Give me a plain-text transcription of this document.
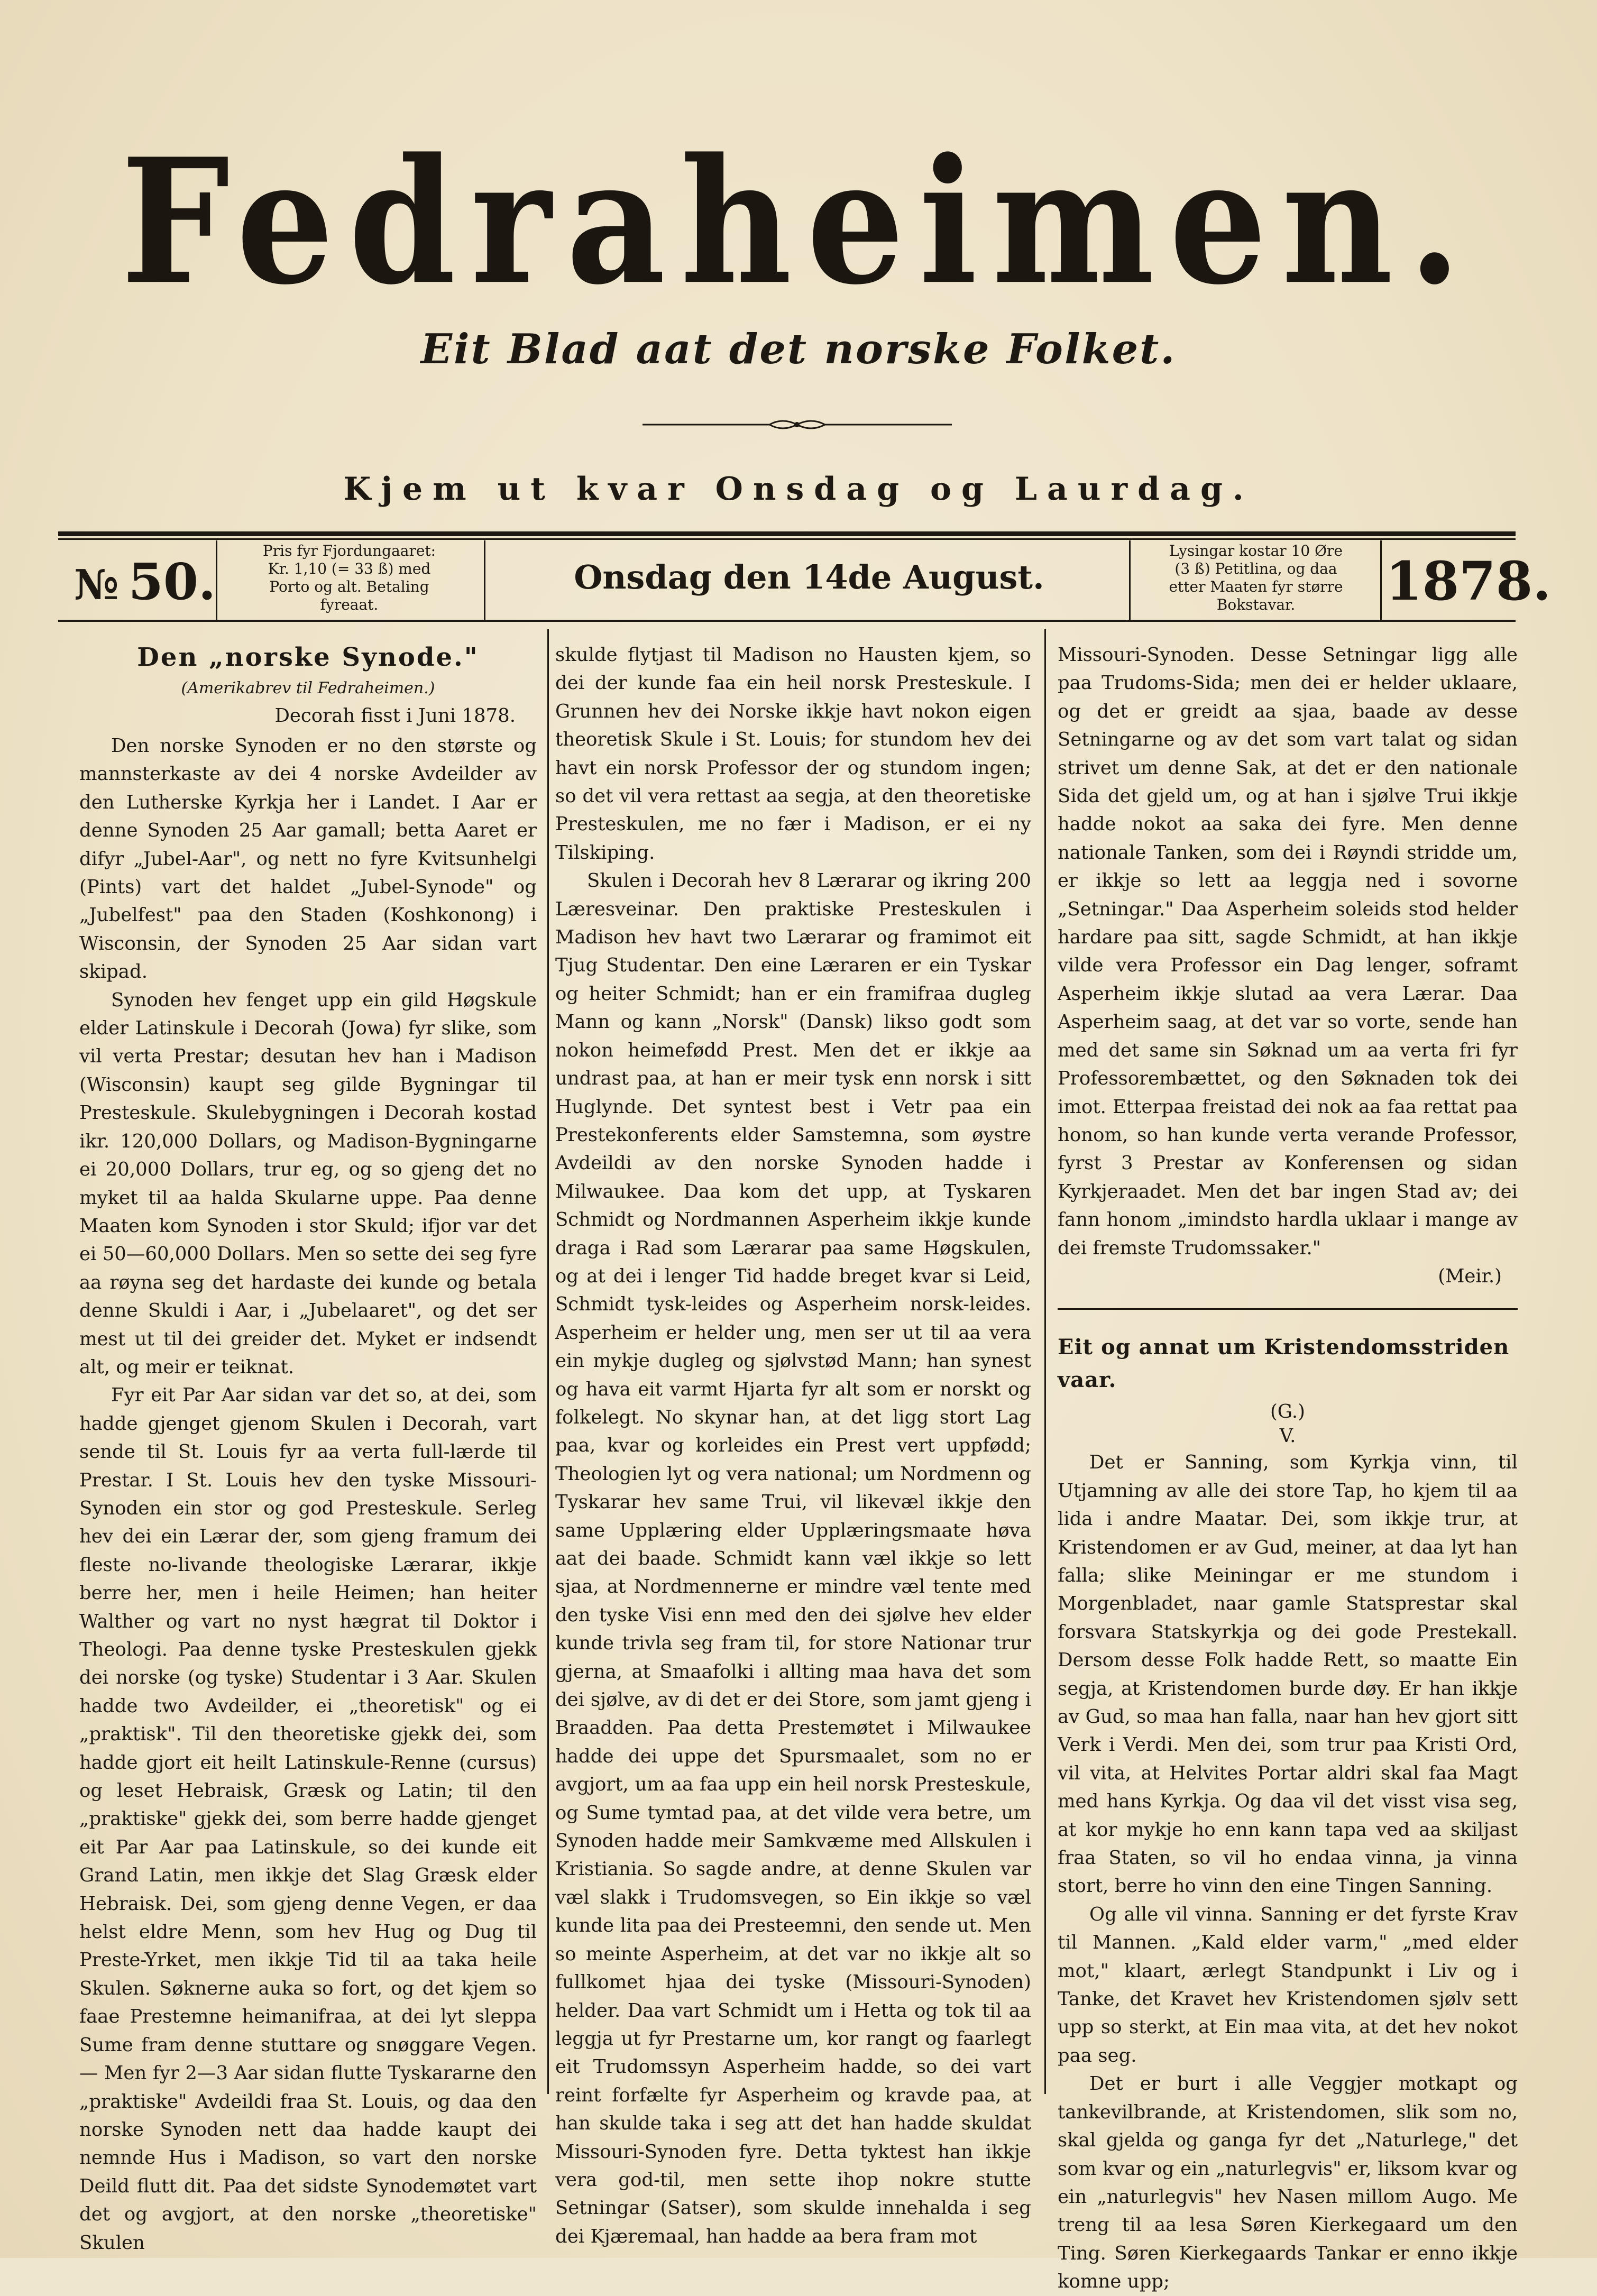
Fedraheimen.
Eit Blad aat det norske Folket.
Kjem ut kvar Onsdag og Laurdag.
№ 50.
Pris fyr Fjordungaaret:
Kr. 1,10 (= 33 ß) med
Porto og alt. Betaling
fyreaat.
Onsdag den 14de August.
Lysingar kostar 10 Øre
(3 ß) Petitlina, og daa
etter Maaten fyr større
Bokstavar.	1878.
Den „norske Synode."
(Amerikabrev til Fedraheimen.)
Decorah fisst i Juni 1878.

Den norske Synoden er no den største og mannsterkaste av dei 4 norske Avdeilder av den Lutherske Kyrkja her i Landet. I Aar er denne Synoden 25 Aar gamall; betta Aaret er difyr „Jubel-Aar", og nett no fyre Kvitsunhelgi (Pints) vart det haldet „Jubel-Synode" og „Jubelfest" paa den Staden (Koshkonong) i Wisconsin, der Synoden 25 Aar sidan vart skipad.

Synoden hev fenget upp ein gild Høgskule elder Latinskule i Decorah (Jowa) fyr slike, som vil verta Prestar; desutan hev han i Madison (Wisconsin) kaupt seg gilde Bygningar til Presteskule. Skulebygningen i Decorah kostad ikr. 120,000 Dollars, og Madison-Bygningarne ei 20,000 Dollars, trur eg, og so gjeng det no myket til aa halda Skularne uppe. Paa denne Maaten kom Synoden i stor Skuld; ifjor var det ei 50—60,000 Dollars. Men so sette dei seg fyre aa røyna seg det hardaste dei kunde og betala denne Skuldi i Aar, i „Jubelaaret", og det ser mest ut til dei greider det. Myket er indsendt alt, og meir er teiknat.

Fyr eit Par Aar sidan var det so, at dei, som hadde gjenget gjenom Skulen i Decorah, vart sende til St. Louis fyr aa verta full-lærde til Prestar. I St. Louis hev den tyske Missouri-Synoden ein stor og god Presteskule. Serleg hev dei ein Lærar der, som gjeng framum dei fleste no-livande theologiske Lærarar, ikkje berre her, men i heile Heimen; han heiter Walther og vart no nyst hægrat til Doktor i Theologi. Paa denne tyske Presteskulen gjekk dei norske (og tyske) Studentar i 3 Aar. Skulen hadde two Avdeilder, ei „theoretisk" og ei „praktisk". Til den theoretiske gjekk dei, som hadde gjort eit heilt Latinskule-Renne (cursus) og leset Hebraisk, Græsk og Latin; til den „praktiske" gjekk dei, som berre hadde gjenget eit Par Aar paa Latinskule, so dei kunde eit Grand Latin, men ikkje det Slag Græsk elder Hebraisk. Dei, som gjeng denne Vegen, er daa helst eldre Menn, som hev Hug og Dug til Preste-Yrket, men ikkje Tid til aa taka heile Skulen. Søknerne auka so fort, og det kjem so faae Prestemne heimanifraa, at dei lyt sleppa Sume fram denne stuttare og snøggare Vegen. — Men fyr 2—3 Aar sidan flutte Tyskararne den „praktiske" Avdeildi fraa St. Louis, og daa den norske Synoden nett daa hadde kaupt dei nemnde Hus i Madison, so vart den norske Deild flutt dit. Paa det sidste Synodemøtet vart det og avgjort, at den norske „theoretiske" Skulen

skulde flytjast til Madison no Hausten kjem, so dei der kunde faa ein heil norsk Presteskule. I Grunnen hev dei Norske ikkje havt nokon eigen theoretisk Skule i St. Louis; for stundom hev dei havt ein norsk Professor der og stundom ingen; so det vil vera rettast aa segja, at den theoretiske Presteskulen, me no fær i Madison, er ei ny Tilskiping.

Skulen i Decorah hev 8 Lærarar og ikring 200 Læresveinar. Den praktiske Presteskulen i Madison hev havt two Lærarar og framimot eit Tjug Studentar. Den eine Læraren er ein Tyskar og heiter Schmidt; han er ein framifraa dugleg Mann og kann „Norsk" (Dansk) likso godt som nokon heimefødd Prest. Men det er ikkje aa undrast paa, at han er meir tysk enn norsk i sitt Huglynde. Det syntest best i Vetr paa ein Prestekonferents elder Samstemna, som øystre Avdeildi av den norske Synoden hadde i Milwaukee. Daa kom det upp, at Tyskaren Schmidt og Nordmannen Asperheim ikkje kunde draga i Rad som Lærarar paa same Høgskulen, og at dei i lenger Tid hadde breget kvar si Leid, Schmidt tysk-leides og Asperheim norsk-leides. Asperheim er helder ung, men ser ut til aa vera ein mykje dugleg og sjølvstød Mann; han synest og hava eit varmt Hjarta fyr alt som er norskt og folkelegt. No skynar han, at det ligg stort Lag paa, kvar og korleides ein Prest vert uppfødd; Theologien lyt og vera national; um Nordmenn og Tyskarar hev same Trui, vil likevæl ikkje den same Upplæring elder Upplæringsmaate høva aat dei baade. Schmidt kann væl ikkje so lett sjaa, at Nordmennerne er mindre væl tente med den tyske Visi enn med den dei sjølve hev elder kunde trivla seg fram til, for store Nationar trur gjerna, at Smaafolki i allting maa hava det som dei sjølve, av di det er dei Store, som jamt gjeng i Braadden. Paa detta Prestemøtet i Milwaukee hadde dei uppe det Spursmaalet, som no er avgjort, um aa faa upp ein heil norsk Presteskule, og Sume tymtad paa, at det vilde vera betre, um Synoden hadde meir Samkvæme med Allskulen i Kristiania. So sagde andre, at denne Skulen var væl slakk i Trudomsvegen, so Ein ikkje so væl kunde lita paa dei Presteemni, den sende ut. Men so meinte Asperheim, at det var no ikkje alt so fullkomet hjaa dei tyske (Missouri-Synoden) helder. Daa vart Schmidt um i Hetta og tok til aa leggja ut fyr Prestarne um, kor rangt og faarlegt eit Trudomssyn Asperheim hadde, so dei vart reint forfælte fyr Asperheim og kravde paa, at han skulde taka i seg att det han hadde skuldat Missouri-Synoden fyre. Detta tyktest han ikkje vera god-til, men sette ihop nokre stutte Setningar (Satser), som skulde innehalda i seg dei Kjæremaal, han hadde aa bera fram mot

Missouri-Synoden. Desse Setningar ligg alle paa Trudoms-Sida; men dei er helder uklaare, og det er greidt aa sjaa, baade av desse Setningarne og av det som vart talat og sidan strivet um denne Sak, at det er den nationale Sida det gjeld um, og at han i sjølve Trui ikkje hadde nokot aa saka dei fyre. Men denne nationale Tanken, som dei i Røyndi stridde um, er ikkje so lett aa leggja ned i sovorne „Setningar." Daa Asperheim soleids stod helder hardare paa sitt, sagde Schmidt, at han ikkje vilde vera Professor ein Dag lenger, soframt Asperheim ikkje slutad aa vera Lærar. Daa Asperheim saag, at det var so vorte, sende han med det same sin Søknad um aa verta fri fyr Professorembættet, og den Søknaden tok dei imot. Etterpaa freistad dei nok aa faa rettat paa honom, so han kunde verta verande Professor, fyrst 3 Prestar av Konferensen og sidan Kyrkjeraadet. Men det bar ingen Stad av; dei fann honom „imindsto hardla uklaar i mange av dei fremste Trudomssaker."

(Meir.)

Eit og annat um Kristendomsstriden vaar.
(G.)
V.

Det er Sanning, som Kyrkja vinn, til Utjamning av alle dei store Tap, ho kjem til aa lida i andre Maatar. Dei, som ikkje trur, at Kristendomen er av Gud, meiner, at daa lyt han falla; slike Meiningar er me stundom i Morgenbladet, naar gamle Statsprestar skal forsvara Statskyrkja og dei gode Prestekall. Dersom desse Folk hadde Rett, so maatte Ein segja, at Kristendomen burde døy. Er han ikkje av Gud, so maa han falla, naar han hev gjort sitt Verk i Verdi. Men dei, som trur paa Kristi Ord, vil vita, at Helvites Portar aldri skal faa Magt med hans Kyrkja. Og daa vil det visst visa seg, at kor mykje ho enn kann tapa ved aa skiljast fraa Staten, so vil ho endaa vinna, ja vinna stort, berre ho vinn den eine Tingen Sanning.

Og alle vil vinna. Sanning er det fyrste Krav til Mannen. „Kald elder varm," „med elder mot," klaart, ærlegt Standpunkt i Liv og i Tanke, det Kravet hev Kristendomen sjølv sett upp so sterkt, at Ein maa vita, at det hev nokot paa seg.

Det er burt i alle Veggjer motkapt og tankevilbrande, at Kristendomen, slik som no, skal gjelda og ganga fyr det „Naturlege," det som kvar og ein „naturlegvis" er, liksom kvar og ein „naturlegvis" hev Nasen millom Augo. Me treng til aa lesa Søren Kierkegaard um den Ting. Søren Kierkegaards Tankar er enno ikkje komne upp;
